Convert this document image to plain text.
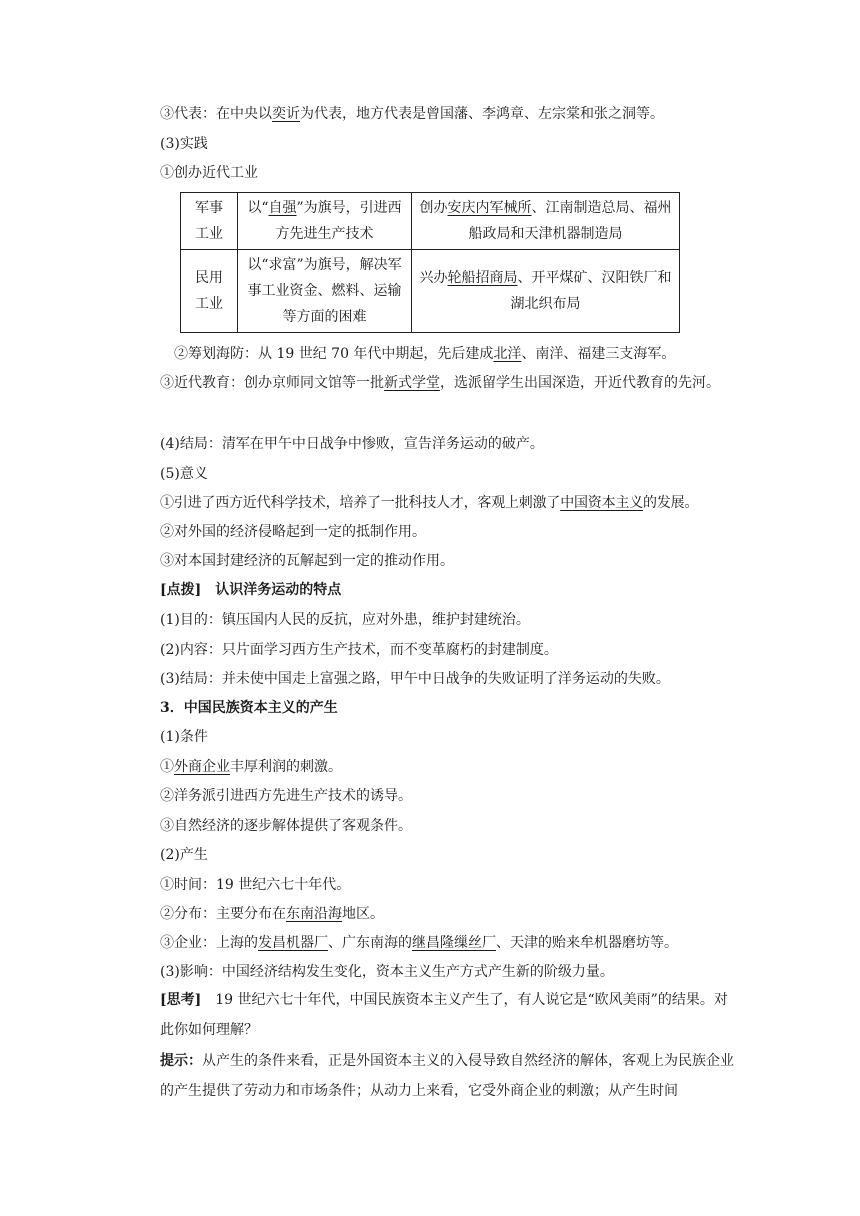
③代表：在中央以奕䜣为代表，地方代表是曾国藩、李鸿章、左宗棠和张之洞等。
(3)实践
①创办近代工业
军事工业	以“自强”为旗号，引进西方先进生产技术	创办安庆内军械所、江南制造总局、福州船政局和天津机器制造局

民用工业	以“求富”为旗号，解决军事工业资金、燃料、运输等方面的困难	兴办轮船招商局、开平煤矿、汉阳铁厂和湖北织布局
②筹划海防：从 19 世纪 70 年代中期起，先后建成北洋、南洋、福建三支海军。
③近代教育：创办京师同文馆等一批新式学堂，选派留学生出国深造，开近代教育的先河。
(4)结局：清军在甲午中日战争中惨败，宣告洋务运动的破产。
(5)意义
①引进了西方近代科学技术，培养了一批科技人才，客观上刺激了中国资本主义的发展。
②对外国的经济侵略起到一定的抵制作用。
③对本国封建经济的瓦解起到一定的推动作用。
[点拨]　认识洋务运动的特点
(1)目的：镇压国内人民的反抗，应对外患，维护封建统治。
(2)内容：只片面学习西方生产技术，而不变革腐朽的封建制度。
(3)结局：并未使中国走上富强之路，甲午中日战争的失败证明了洋务运动的失败。
3．中国民族资本主义的产生
(1)条件
①外商企业丰厚利润的刺激。
②洋务派引进西方先进生产技术的诱导。
③自然经济的逐步解体提供了客观条件。
(2)产生
①时间：19 世纪六七十年代。
②分布：主要分布在东南沿海地区。
③企业：上海的发昌机器厂、广东南海的继昌隆缫丝厂、天津的贻来牟机器磨坊等。
(3)影响：中国经济结构发生变化，资本主义生产方式产生新的阶级力量。
[思考]　19 世纪六七十年代，中国民族资本主义产生了，有人说它是“欧风美雨”的结果。对此你如何理解？
提示：从产生的条件来看，正是外国资本主义的入侵导致自然经济的解体，客观上为民族企业的产生提供了劳动力和市场条件；从动力上来看，它受外商企业的刺激；从产生时间
